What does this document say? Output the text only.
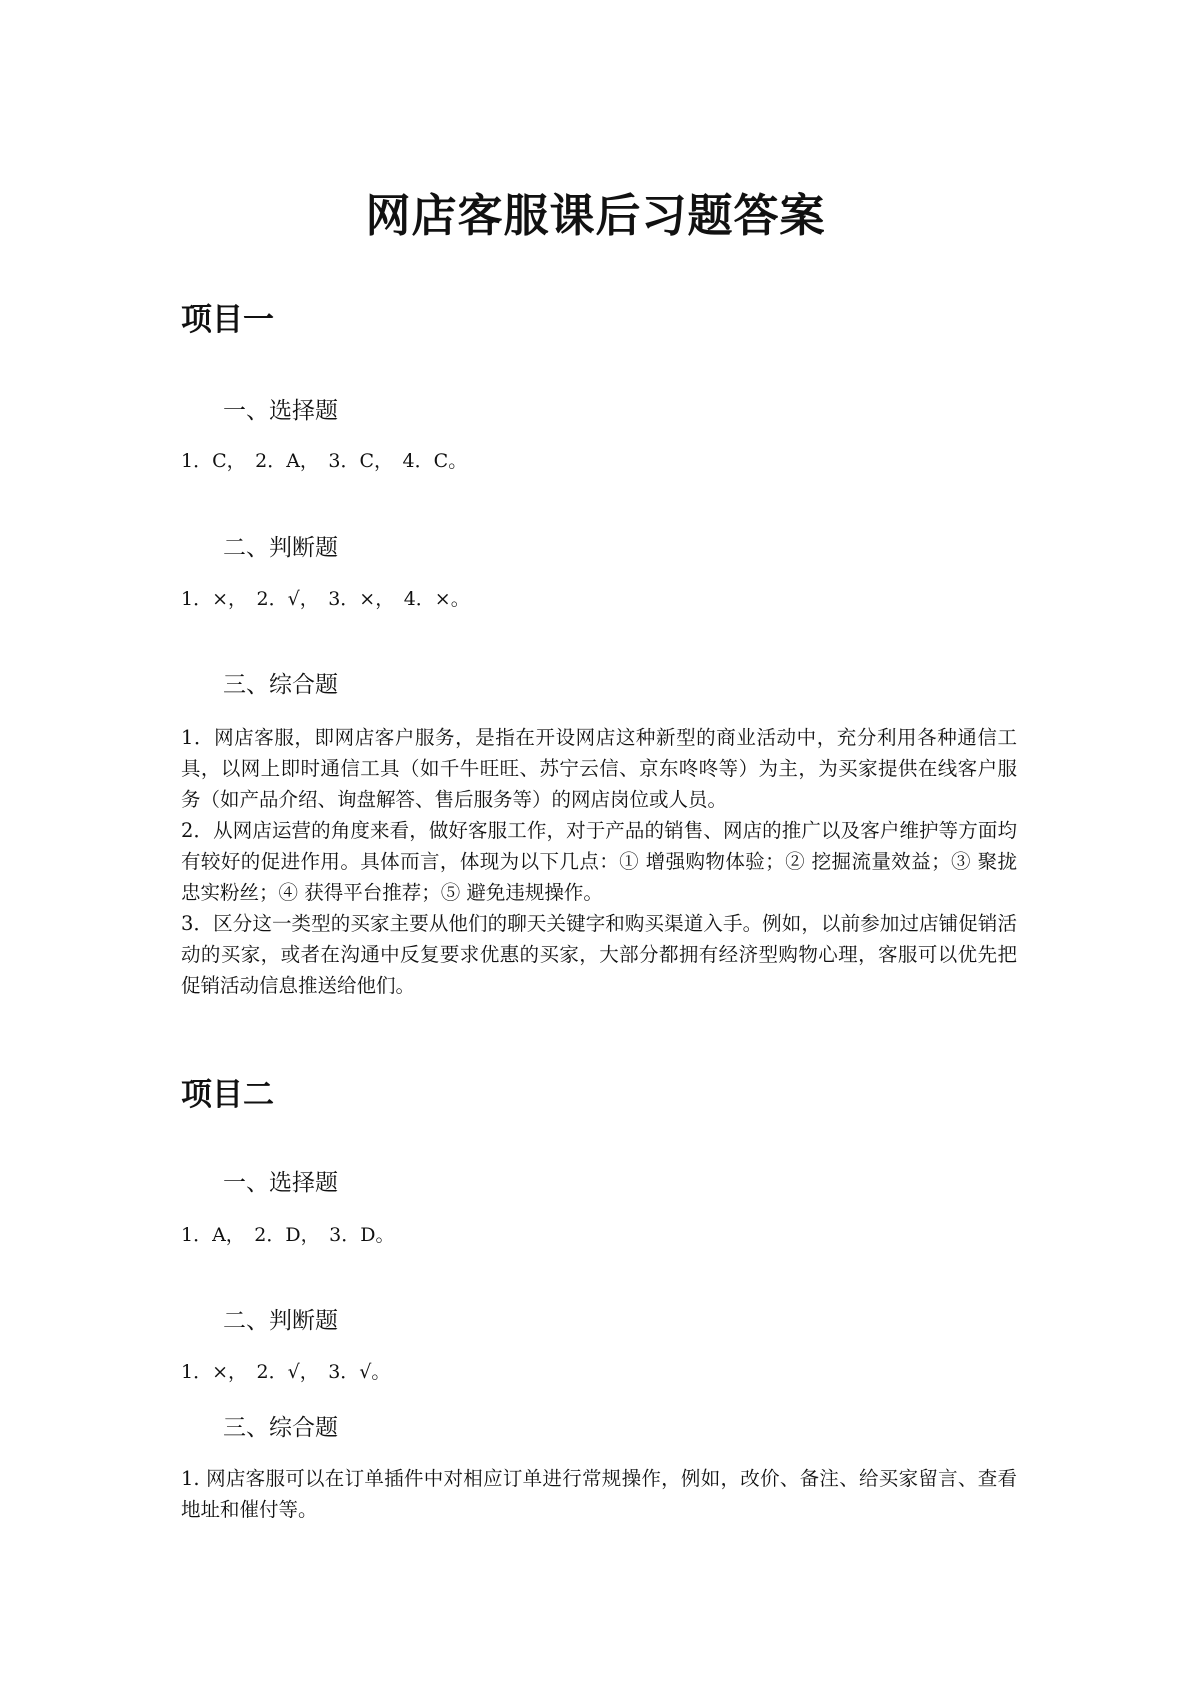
网店客服课后习题答案
项目一
一、选择题
1．C，　2．A，　3．C，　4．C。
二、判断题
1．×，　2．√，　3．×，　4．×。
三、综合题

1．网店客服，即网店客户服务，是指在开设网店这种新型的商业活动中，充分利用各种通信工具，以网上即时通信工具（如千牛旺旺、苏宁云信、京东咚咚等）为主，为买家提供在线客户服务（如产品介绍、询盘解答、售后服务等）的网店岗位或人员。

2．从网店运营的角度来看，做好客服工作，对于产品的销售、网店的推广以及客户维护等方面均有较好的促进作用。具体而言，体现为以下几点：① 增强购物体验；② 挖掘流量效益；③ 聚拢忠实粉丝；④ 获得平台推荐；⑤ 避免违规操作。

3．区分这一类型的买家主要从他们的聊天关键字和购买渠道入手。例如，以前参加过店铺促销活动的买家，或者在沟通中反复要求优惠的买家，大部分都拥有经济型购物心理，客服可以优先把促销活动信息推送给他们。

项目二
一、选择题
1．A，　2．D，　3．D。
二、判断题
1．×，　2．√，　3．√。
三、综合题

1. 网店客服可以在订单插件中对相应订单进行常规操作，例如，改价、备注、给买家留言、查看地址和催付等。
